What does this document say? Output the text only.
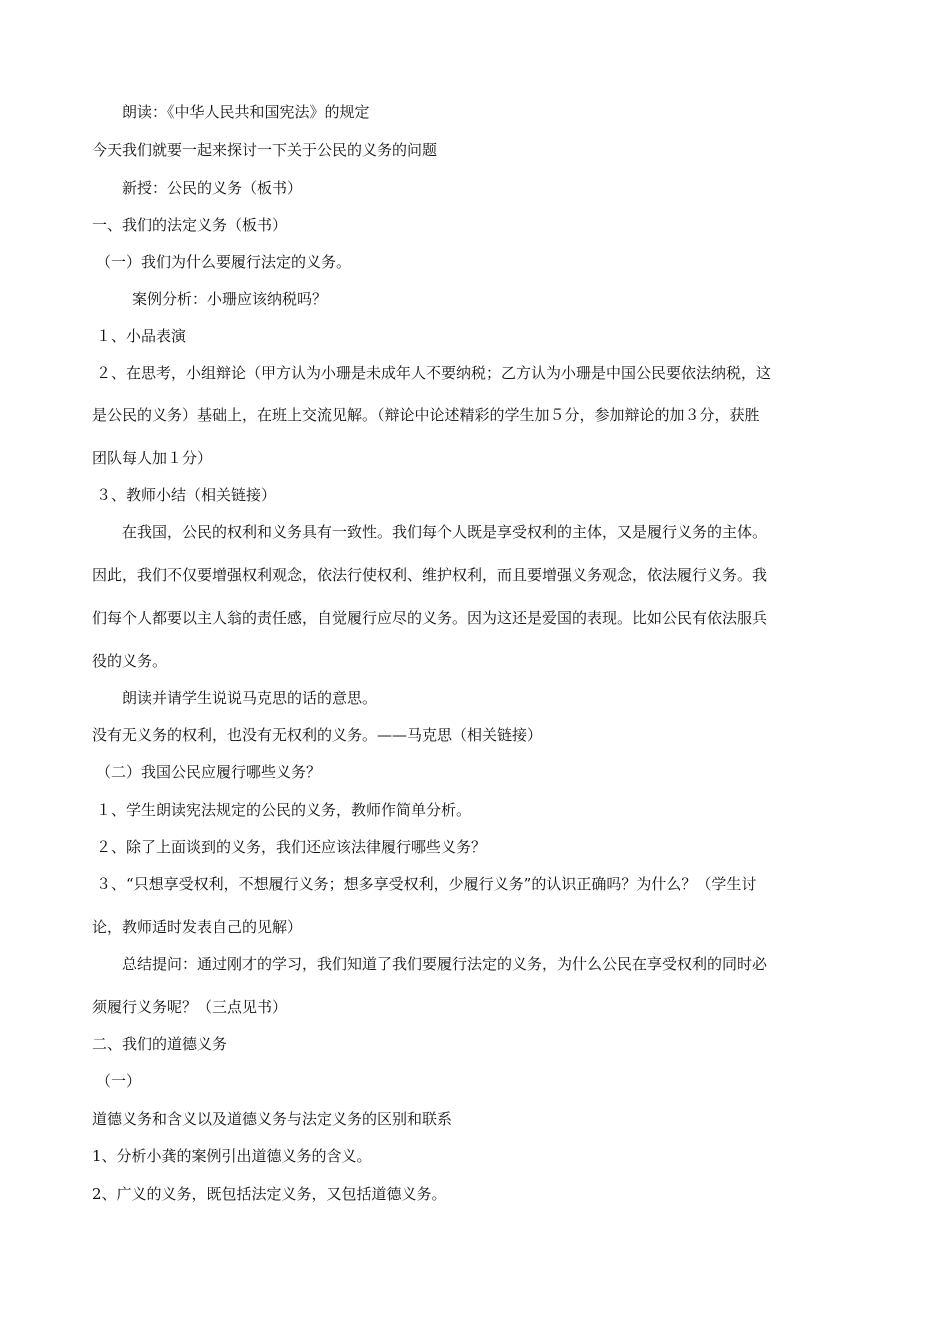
朗读：《中华人民共和国宪法》的规定
今天我们就要一起来探讨一下关于公民的义务的问题
新授：公民的义务（板书）
一、我们的法定义务（板书）
（一）我们为什么要履行法定的义务。
案例分析：小珊应该纳税吗？
１、小品表演
２、在思考，小组辩论（甲方认为小珊是未成年人不要纳税；乙方认为小珊是中国公民要依法纳税，这
是公民的义务）基础上，在班上交流见解。（辩论中论述精彩的学生加５分，参加辩论的加３分，获胜
团队每人加１分）
３、教师小结（相关链接）
在我国，公民的权利和义务具有一致性。我们每个人既是享受权利的主体，又是履行义务的主体。
因此，我们不仅要增强权利观念，依法行使权利、维护权利，而且要增强义务观念，依法履行义务。我
们每个人都要以主人翁的责任感，自觉履行应尽的义务。因为这还是爱国的表现。比如公民有依法服兵
役的义务。
朗读并请学生说说马克思的话的意思。
没有无义务的权利，也没有无权利的义务。——马克思（相关链接）
（二）我国公民应履行哪些义务？
１、学生朗读宪法规定的公民的义务，教师作简单分析。
２、除了上面谈到的义务，我们还应该法律履行哪些义务？
３、“只想享受权利，不想履行义务；想多享受权利，少履行义务”的认识正确吗？为什么？（学生讨
论，教师适时发表自己的见解）
总结提问：通过刚才的学习，我们知道了我们要履行法定的义务，为什么公民在享受权利的同时必
须履行义务呢？（三点见书）
二、我们的道德义务
（一）
道德义务和含义以及道德义务与法定义务的区别和联系
1、分析小龚的案例引出道德义务的含义。
2、广义的义务，既包括法定义务，又包括道德义务。
